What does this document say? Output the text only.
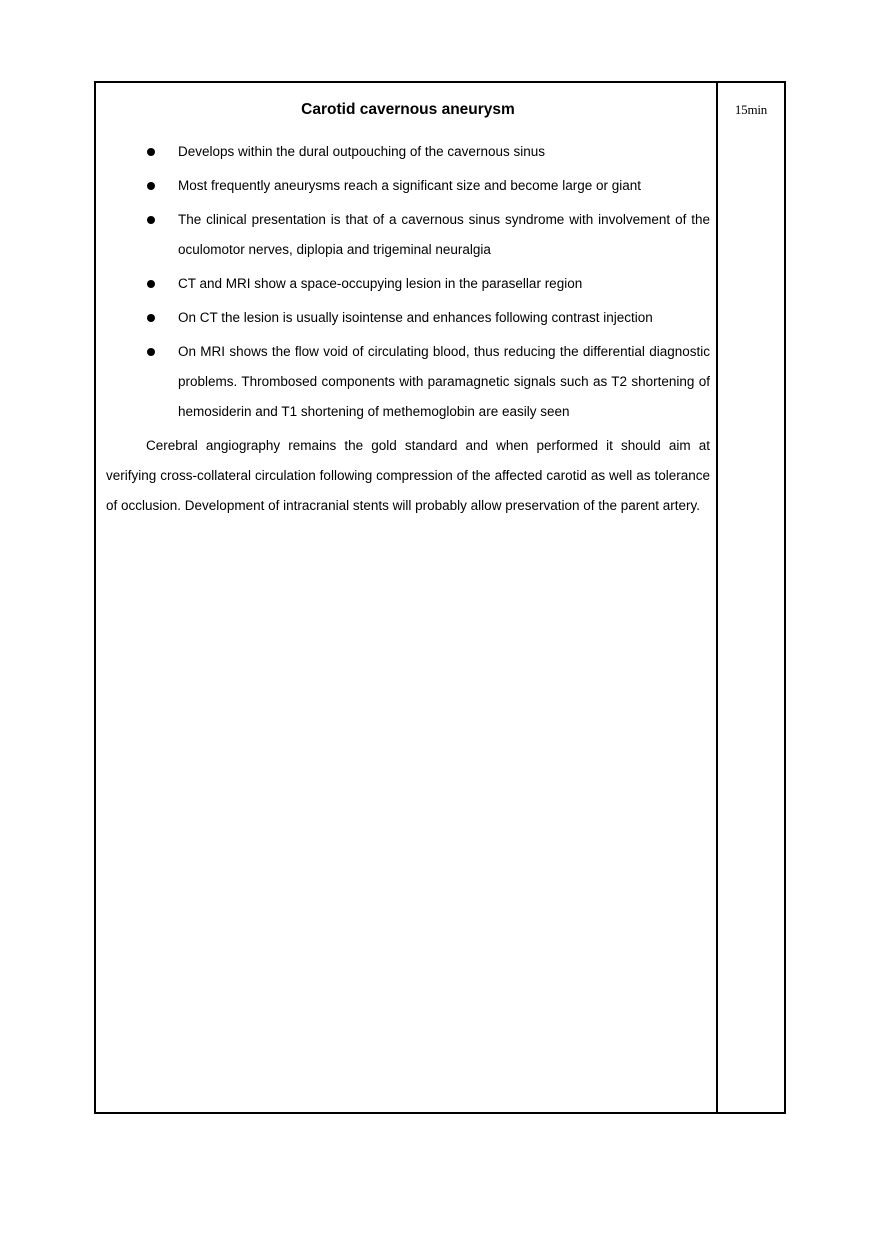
Carotid cavernous aneurysm
Develops within the dural outpouching of the cavernous sinus
Most frequently aneurysms reach a significant size and become large or giant
The clinical presentation is that of a cavernous sinus syndrome with involvement of the oculomotor nerves, diplopia and trigeminal neuralgia
CT and MRI show a space-occupying lesion in the parasellar region
On CT the lesion is usually isointense and enhances following contrast injection
On MRI shows the flow void of circulating blood, thus reducing the differential diagnostic problems. Thrombosed components with paramagnetic signals such as T2 shortening of hemosiderin and T1 shortening of methemoglobin are easily seen

Cerebral angiography remains the gold standard and when performed it should aim at verifying cross-collateral circulation following compression of the affected carotid as well as tolerance of occlusion. Development of intracranial stents will probably allow preservation of the parent artery.

15min
